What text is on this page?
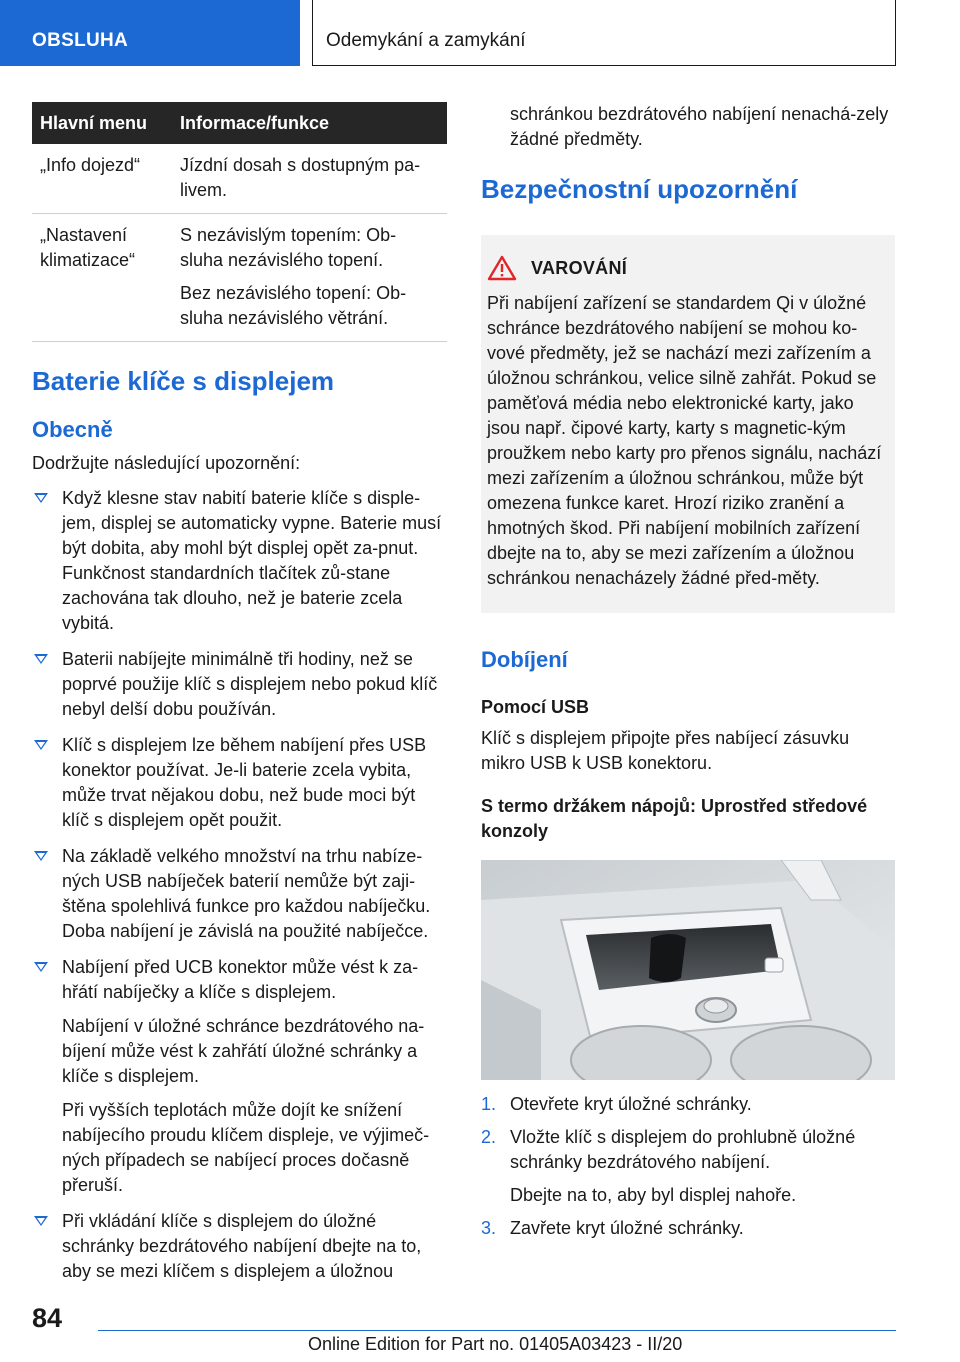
OBSLUHA	Odemykání a zamykání
Hlavní menu	Informace/funkce
„Info dojezd“	Jízdní dosah s dostupným pa-livem.

„Nastavení klimatizace“	S nezávislým topením: Ob-sluha nezávislého topení.

Bez nezávislého topení: Ob-sluha nezávislého větrání.

Baterie klíče s displejem
Obecně

Dodržujte následující upozornění:

Když klesne stav nabití baterie klíče s disple-jem, displej se automaticky vypne. Baterie musí být dobita, aby mohl být displej opět za-pnut. Funkčnost standardních tlačítek zů-stane zachována tak dlouho, než je baterie zcela vybitá.

Baterii nabíjejte minimálně tři hodiny, než se poprvé použije klíč s displejem nebo pokud klíč nebyl delší dobu používán.

Klíč s displejem lze během nabíjení přes USB konektor používat. Je-li baterie zcela vybita, může trvat nějakou dobu, než bude moci být klíč s displejem opět použit.

Na základě velkého množství na trhu nabíze-ných USB nabíječek baterií nemůže být zaji-štěna spolehlivá funkce pro každou nabíječku. Doba nabíjení je závislá na použité nabíječce.

Nabíjení před UCB konektor může vést k za-hřátí nabíječky a klíče s displejem.

Nabíjení v úložné schránce bezdrátového na-bíjení může vést k zahřátí úložné schránky a klíče s displejem.

Při vyšších teplotách může dojít ke snížení nabíjecího proudu klíčem displeje, ve výjimeč-ných případech se nabíjecí proces dočasně přeruší.

Při vkládání klíče s displejem do úložné schránky bezdrátového nabíjení dbejte na to, aby se mezi klíčem s displejem a úložnou

schránkou bezdrátového nabíjení nenachá-zely žádné předměty.

Bezpečnostní upozornění
VAROVÁNÍ

Při nabíjení zařízení se standardem Qi v úložné schránce bezdrátového nabíjení se mohou ko-vové předměty, jež se nachází mezi zařízením a úložnou schránkou, velice silně zahřát. Pokud se paměťová média nebo elektronické karty, jako jsou např. čipové karty, karty s magnetic-kým proužkem nebo karty pro přenos signálu, nachází mezi zařízením a úložnou schránkou, může být omezena funkce karet. Hrozí riziko zranění a hmotných škod. Při nabíjení mobilních zařízení dbejte na to, aby se mezi zařízením a úložnou schránkou nenacházely žádné před-měty.

Dobíjení
Pomocí USB

Klíč s displejem připojte přes nabíjecí zásuvku mikro USB k USB konektoru.

S termo držákem nápojů: Uprostřed středové konzoly
1. Otevřete kryt úložné schránky.

2. Vložte klíč s displejem do prohlubně úložné schránky bezdrátového nabíjení.

Dbejte na to, aby byl displej nahoře.

3. Zavřete kryt úložné schránky.

84
Online Edition for Part no. 01405A03423 - II/20
